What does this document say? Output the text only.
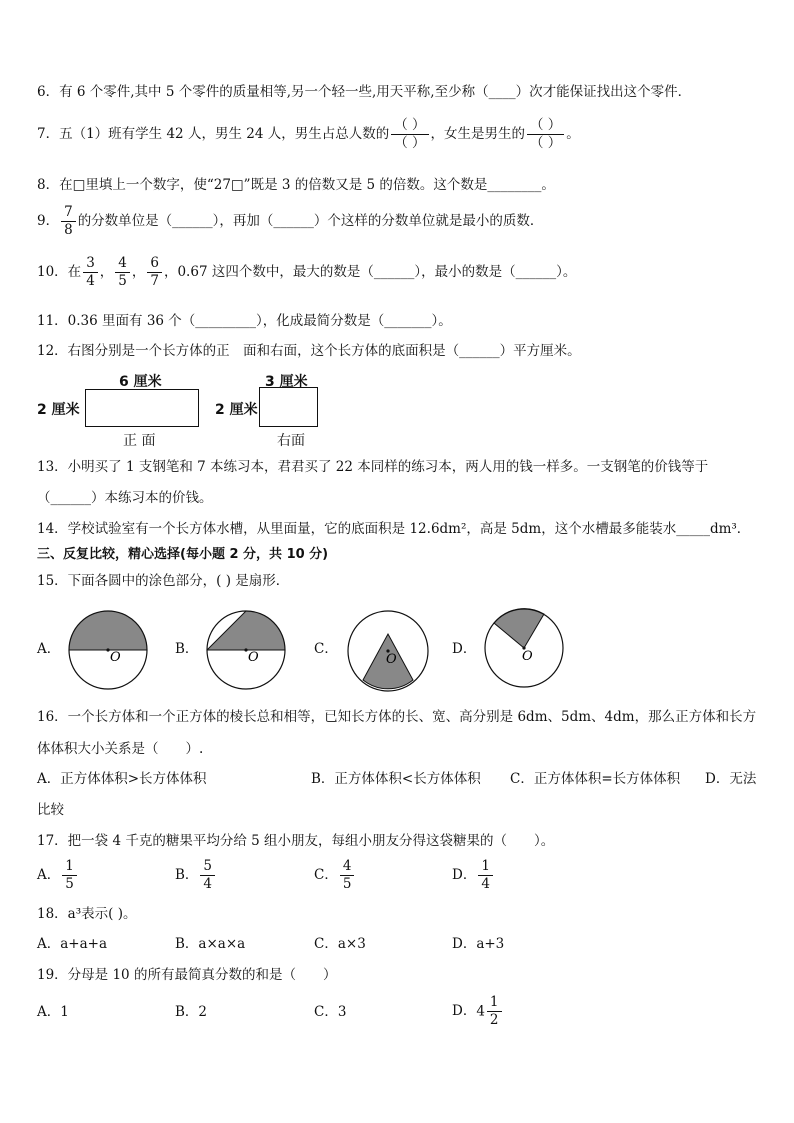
6．有 6 个零件,其中 5 个零件的质量相等,另一个轻一些,用天平称,至少称（____）次才能保证找出这个零件．
7．五（1）班有学生 42 人，男生 24 人，男生占总人数的 $\frac{( )}{( )}$ ，女生是男生的 $\frac{( )}{( )}$ 。
8．在□里填上一个数字，使“27□”既是 3 的倍数又是 5 的倍数。这个数是________。
9． $\frac{7}{8}$ 的分数单位是（______），再加（______）个这样的分数单位就是最小的质数．
10．在 $\frac{3}{4}$ ， $\frac{4}{5}$ ， $\frac{6}{7}$ ，0.67 这四个数中，最大的数是（______），最小的数是（______）。
11．0.36 里面有 36 个（_________），化成最简分数是（_______）。
12．右图分别是一个长方体的正　面和右面，这个长方体的底面积是（______）平方厘米。
6 厘米
2 厘米
正 面
3 厘米
2 厘米
右面
13．小明买了 1 支钢笔和 7 本练习本，君君买了 22 本同样的练习本，两人用的钱一样多。一支钢笔的价钱等于
（______）本练习本的价钱。
14．学校试验室有一个长方体水槽，从里面量，它的底面积是 12.6dm²，高是 5dm，这个水槽最多能装水_____dm³．
三、反复比较，精心选择(每小题 2 分，共 10 分)
15．下面各圆中的涂色部分，( ) 是扇形．
A．
O
B．
O
C．
O
D．	O
16．一个长方体和一个正方体的棱长总和相等，已知长方体的长、宽、高分别是 6dm、5dm、4dm，那么正方体和长方
体体积大小关系是（　　）.
A．正方体体积>长方体体积	B．正方体体积<长方体体积 C．正方体体积=长方体体积 D．无法
比较
17．把一袋 4 千克的糖果平均分给 5 组小朋友，每组小朋友分得这袋糖果的（　　）。
A． $\frac{1}{5}$	B． $\frac{5}{4}$	C． $\frac{4}{5}$	D． $\frac{1}{4}$
18．a³表示( )。
A．a+a+a	B．a×a×a	C．a×3	D．a+3
19．分母是 10 的所有最简真分数的和是（　　）
A．1	B．2	C．3	D．$4 \frac{1}{2}$
